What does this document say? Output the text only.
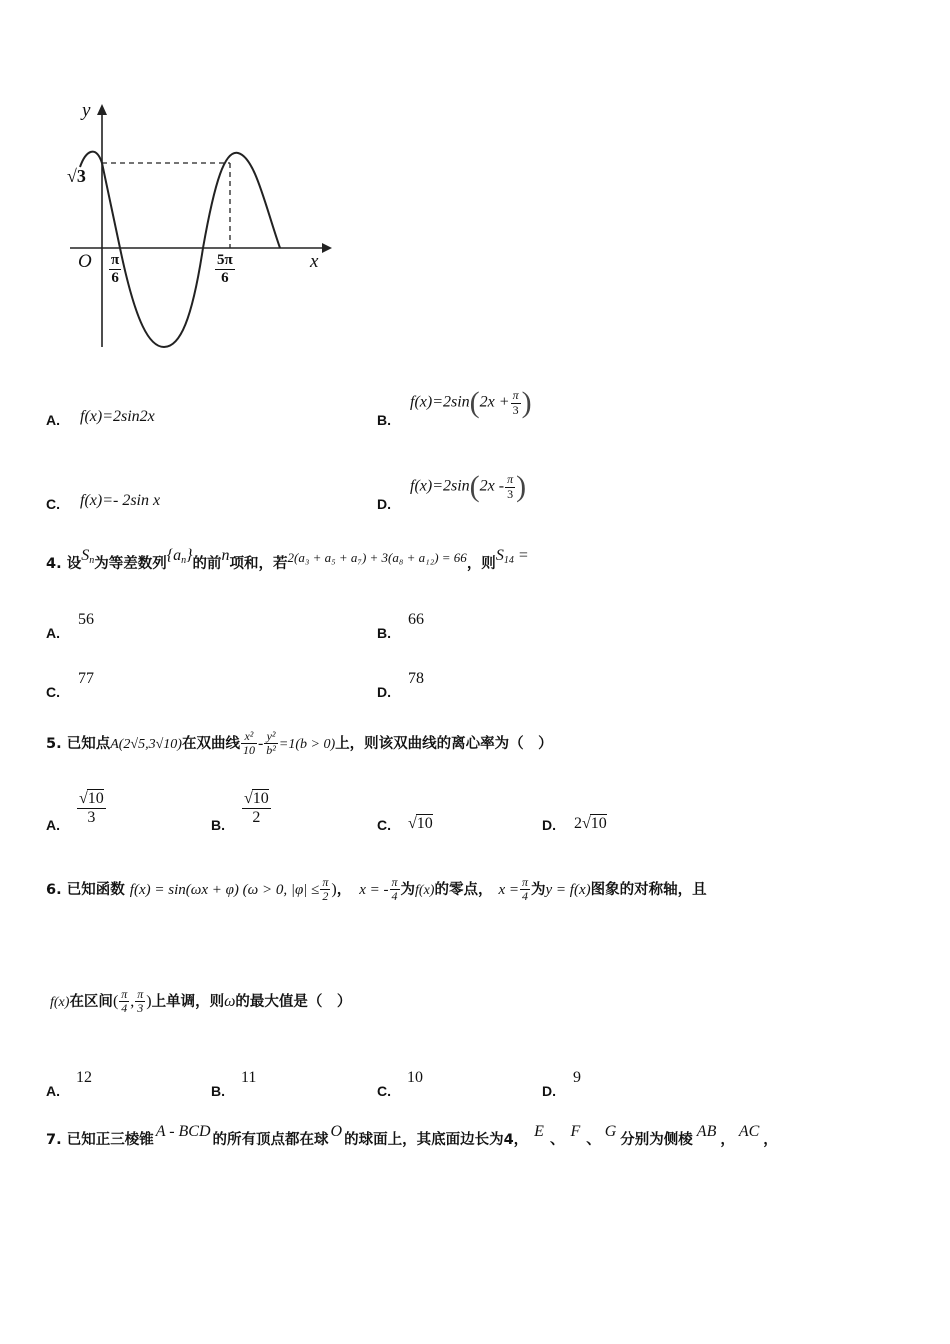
y
x
O
√3
$\frac{\pi}{6}$	$\frac{5\pi}{6}$
A. f(x)=2sin2x	B.
$f(x)=2\sin(2x + \frac{\pi}{3}$ )
C. f(x)=- 2sin x	D.
$f(x)=2\sin(2x - \frac{\pi}{3}$ )
4. 设$S_n$为等差数列$\{a_n\}$的前n项和，若$^{2(a_3 + a_5 + a_7) + 3(a_8 + a_{12}) = 66}$，则$S_{14}$ =
A.
56
B.
66
C.
77
D.
78
5. 已知点A(2√5,3√10)在双曲线 $\frac{\text{x²}}{10} - \frac{\text{y²}}{\text{b²}} =1(b > 0)$上，则该双曲线的离心率为（　）
A. $\frac{√10}{3}$	B. $\frac{√10}{2}$	C. √10	D. 2√10
6. 已知函数 f(x) = sin(ωx + φ) (ω > 0, $|\varphi| \le \frac{\pi}{2}$ )， x = - $\frac{\pi}{4}$ 为f(x)的零点， $x = \frac{\pi}{4}$ 为y = f(x)图象的对称轴，且
f(x)在区间( $\frac{\pi}{4}$ , $\frac{\pi}{3}$ )上单调，则ω的最大值是（　）
A.
12
B.
11
C.
10
D.
9
7. 已知正三棱锥 A - BCD 的所有顶点都在球 O 的球面上，其底面边长为4， E 、 F 、 G 分别为侧棱 AB ， AC ，
